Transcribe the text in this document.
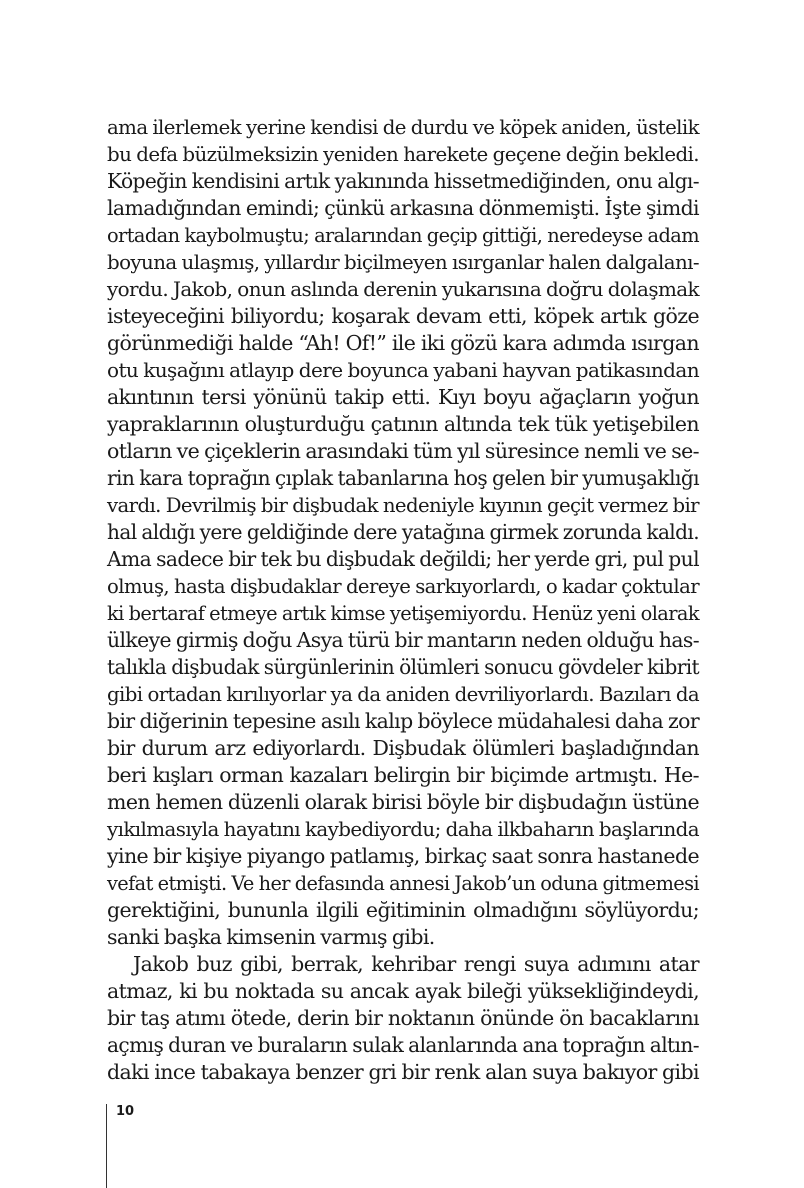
ama ilerlemek yerine kendisi de durdu ve köpek aniden, üstelik
bu defa büzülmeksizin yeniden harekete geçene değin bekledi.
Köpeğin kendisini artık yakınında hissetmediğinden, onu algı-
lamadığından emindi; çünkü arkasına dönmemişti. İşte şimdi
ortadan kaybolmuştu; aralarından geçip gittiği, neredeyse adam
boyuna ulaşmış, yıllardır biçilmeyen ısırganlar halen dalgalanı-
yordu. Jakob, onun aslında derenin yukarısına doğru dolaşmak
isteyeceğini biliyordu; koşarak devam etti, köpek artık göze
görünmediği halde “Ah! Of!” ile iki gözü kara adımda ısırgan
otu kuşağını atlayıp dere boyunca yabani hayvan patikasından
akıntının tersi yönünü takip etti. Kıyı boyu ağaçların yoğun
yapraklarının oluşturduğu çatının altında tek tük yetişebilen
otların ve çiçeklerin arasındaki tüm yıl süresince nemli ve se-
rin kara toprağın çıplak tabanlarına hoş gelen bir yumuşaklığı
vardı. Devrilmiş bir dişbudak nedeniyle kıyının geçit vermez bir
hal aldığı yere geldiğinde dere yatağına girmek zorunda kaldı.
Ama sadece bir tek bu dişbudak değildi; her yerde gri, pul pul
olmuş, hasta dişbudaklar dereye sarkıyorlardı, o kadar çoktular
ki bertaraf etmeye artık kimse yetişemiyordu. Henüz yeni olarak
ülkeye girmiş doğu Asya türü bir mantarın neden olduğu has-
talıkla dişbudak sürgünlerinin ölümleri sonucu gövdeler kibrit
gibi ortadan kırılıyorlar ya da aniden devriliyorlardı. Bazıları da
bir diğerinin tepesine asılı kalıp böylece müdahalesi daha zor
bir durum arz ediyorlardı. Dişbudak ölümleri başladığından
beri kışları orman kazaları belirgin bir biçimde artmıştı. He-
men hemen düzenli olarak birisi böyle bir dişbudağın üstüne
yıkılmasıyla hayatını kaybediyordu; daha ilkbaharın başlarında
yine bir kişiye piyango patlamış, birkaç saat sonra hastanede
vefat etmişti. Ve her defasında annesi Jakob’un oduna gitmemesi
gerektiğini, bununla ilgili eğitiminin olmadığını söylüyordu;
sanki başka kimsenin varmış gibi.
Jakob buz gibi, berrak, kehribar rengi suya adımını atar
atmaz, ki bu noktada su ancak ayak bileği yüksekliğindeydi,
bir taş atımı ötede, derin bir noktanın önünde ön bacaklarını
açmış duran ve buraların sulak alanlarında ana toprağın altın-
daki ince tabakaya benzer gri bir renk alan suya bakıyor gibi
10
